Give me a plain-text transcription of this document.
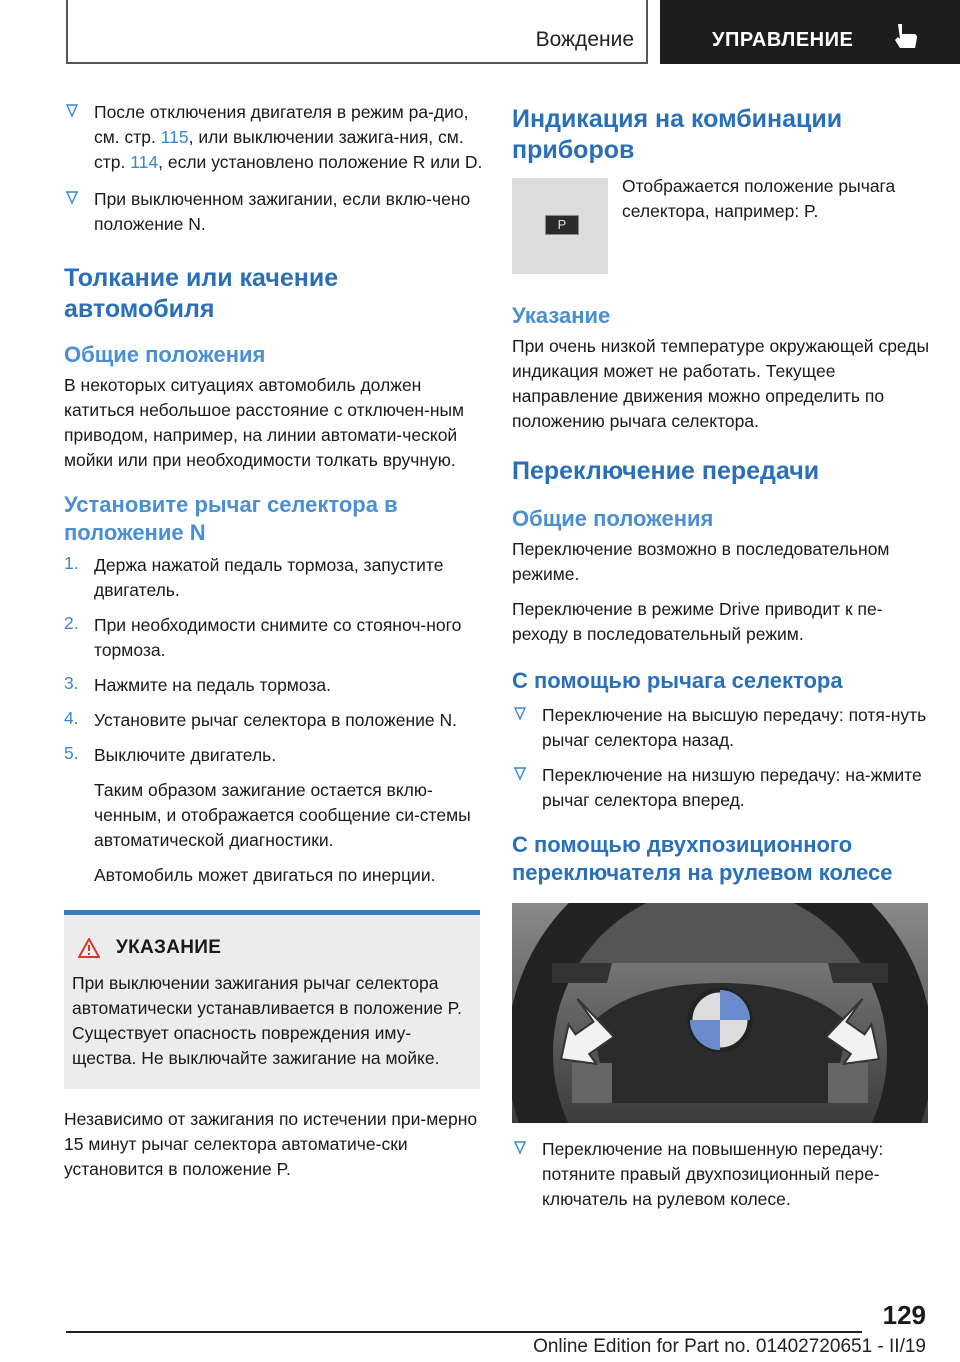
Вождение	УПРАВЛЕНИЕ

После отключения двигателя в режим ра-дио, см. стр. 115, или выключении зажига-ния, см. стр. 114, если установлено положение R или D.

При выключенном зажигании, если вклю-чено положение N.

Толкание или качение автомобиля
Общие положения

В некоторых ситуациях автомобиль должен катиться небольшое расстояние с отключен-ным приводом, например, на линии автомати-ческой мойки или при необходимости толкать вручную.

Установите рычаг селектора в положение N
1. Держа нажатой педаль тормоза, запустите двигатель.

2. При необходимости снимите со стояноч-ного тормоза.

3. Нажмите на педаль тормоза.

4. Установите рычаг селектора в положение N.

5. Выключите двигатель.

Таким образом зажигание остается вклю-ченным, и отображается сообщение си-стемы автоматической диагностики.

Автомобиль может двигаться по инерции.

УКАЗАНИЕ

При выключении зажигания рычаг селектора автоматически устанавливается в положение P. Существует опасность повреждения иму-щества. Не выключайте зажигание на мойке.

Независимо от зажигания по истечении при-мерно 15 минут рычаг селектора автоматиче-ски установится в положение P.

Индикация на комбинации приборов
P

Отображается положение рычага селектора, например: P.

Указание

При очень низкой температуре окружающей среды индикация может не работать. Текущее направление движения можно определить по положению рычага селектора.

Переключение передачи
Общие положения

Переключение возможно в последовательном режиме.

Переключение в режиме Drive приводит к пе-реходу в последовательный режим.

С помощью рычага селектора

Переключение на высшую передачу: потя-нуть рычаг селектора назад.

Переключение на низшую передачу: на-жмите рычаг селектора вперед.

С помощью двухпозиционного переключателя на рулевом колесе

Переключение на повышенную передачу: потяните правый двухпозиционный пере-ключатель на рулевом колесе.

129
Online Edition for Part no. 01402720651 - II/19
